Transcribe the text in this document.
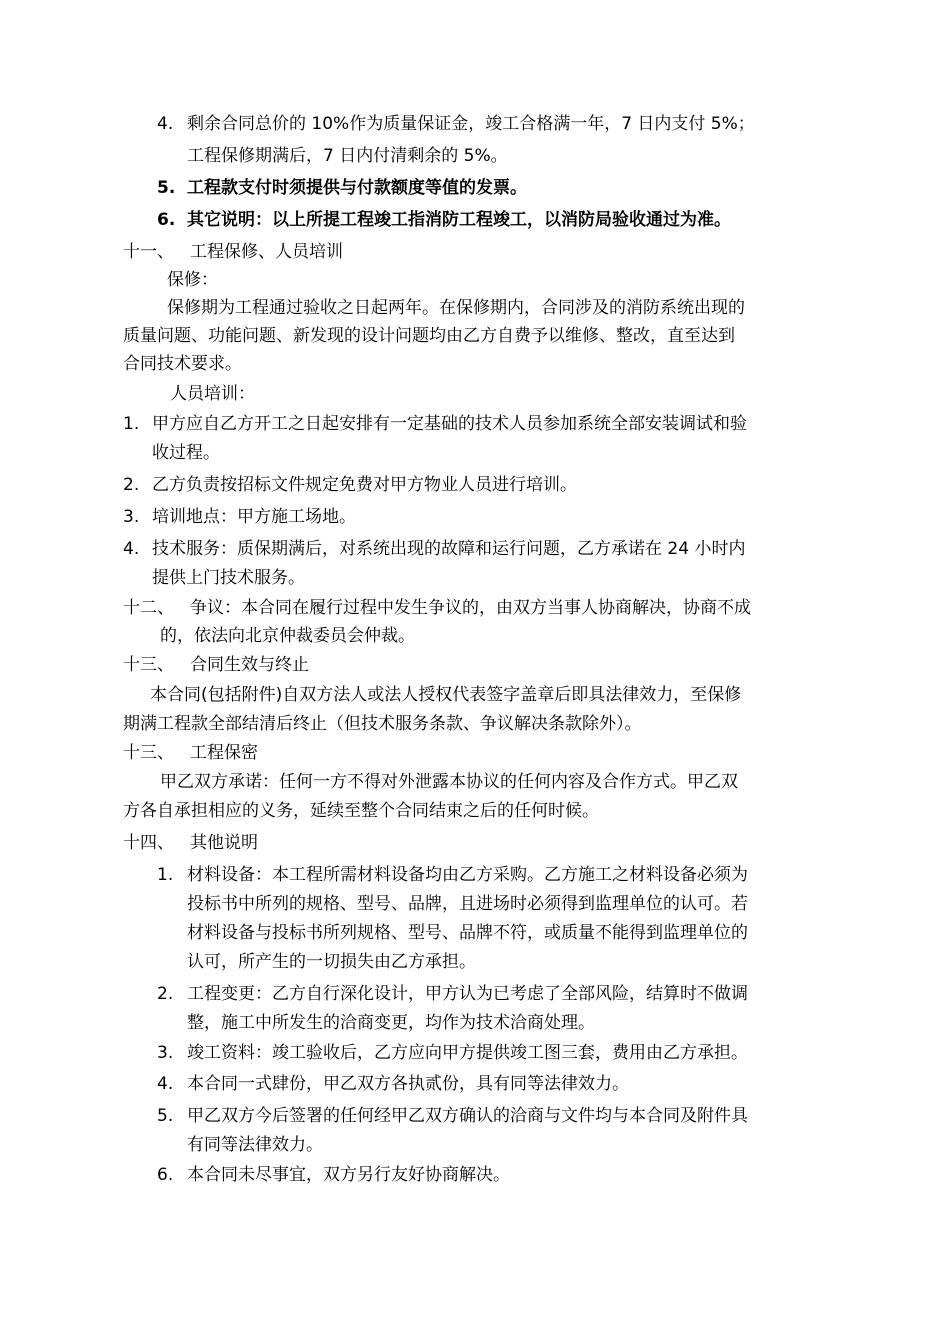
4. 剩余合同总价的 10%作为质量保证金，竣工合格满一年，7 日内支付 5%；
工程保修期满后，7 日内付清剩余的 5%。
5. 工程款支付时须提供与付款额度等值的发票。
6. 其它说明：以上所提工程竣工指消防工程竣工，以消防局验收通过为准。
十一、 工程保修、人员培训
保修：
保修期为工程通过验收之日起两年。在保修期内，合同涉及的消防系统出现的
质量问题、功能问题、新发现的设计问题均由乙方自费予以维修、整改，直至达到
合同技术要求。
人员培训：
1. 甲方应自乙方开工之日起安排有一定基础的技术人员参加系统全部安装调试和验
收过程。
2. 乙方负责按招标文件规定免费对甲方物业人员进行培训。
3. 培训地点：甲方施工场地。
4. 技术服务：质保期满后，对系统出现的故障和运行问题，乙方承诺在 24 小时内
提供上门技术服务。
十二、 争议：本合同在履行过程中发生争议的，由双方当事人协商解决，协商不成
的，依法向北京仲裁委员会仲裁。
十三、 合同生效与终止
本合同(包括附件)自双方法人或法人授权代表签字盖章后即具法律效力，至保修
期满工程款全部结清后终止（但技术服务条款、争议解决条款除外）。
十三、 工程保密
甲乙双方承诺：任何一方不得对外泄露本协议的任何内容及合作方式。甲乙双
方各自承担相应的义务，延续至整个合同结束之后的任何时候。
十四、 其他说明
1. 材料设备：本工程所需材料设备均由乙方采购。乙方施工之材料设备必须为
投标书中所列的规格、型号、品牌，且进场时必须得到监理单位的认可。若
材料设备与投标书所列规格、型号、品牌不符，或质量不能得到监理单位的
认可，所产生的一切损失由乙方承担。
2. 工程变更：乙方自行深化设计，甲方认为已考虑了全部风险，结算时不做调
整，施工中所发生的洽商变更，均作为技术洽商处理。
3. 竣工资料：竣工验收后，乙方应向甲方提供竣工图三套，费用由乙方承担。
4. 本合同一式肆份，甲乙双方各执贰份，具有同等法律效力。
5. 甲乙双方今后签署的任何经甲乙双方确认的洽商与文件均与本合同及附件具
有同等法律效力。
6. 本合同未尽事宜，双方另行友好协商解决。
